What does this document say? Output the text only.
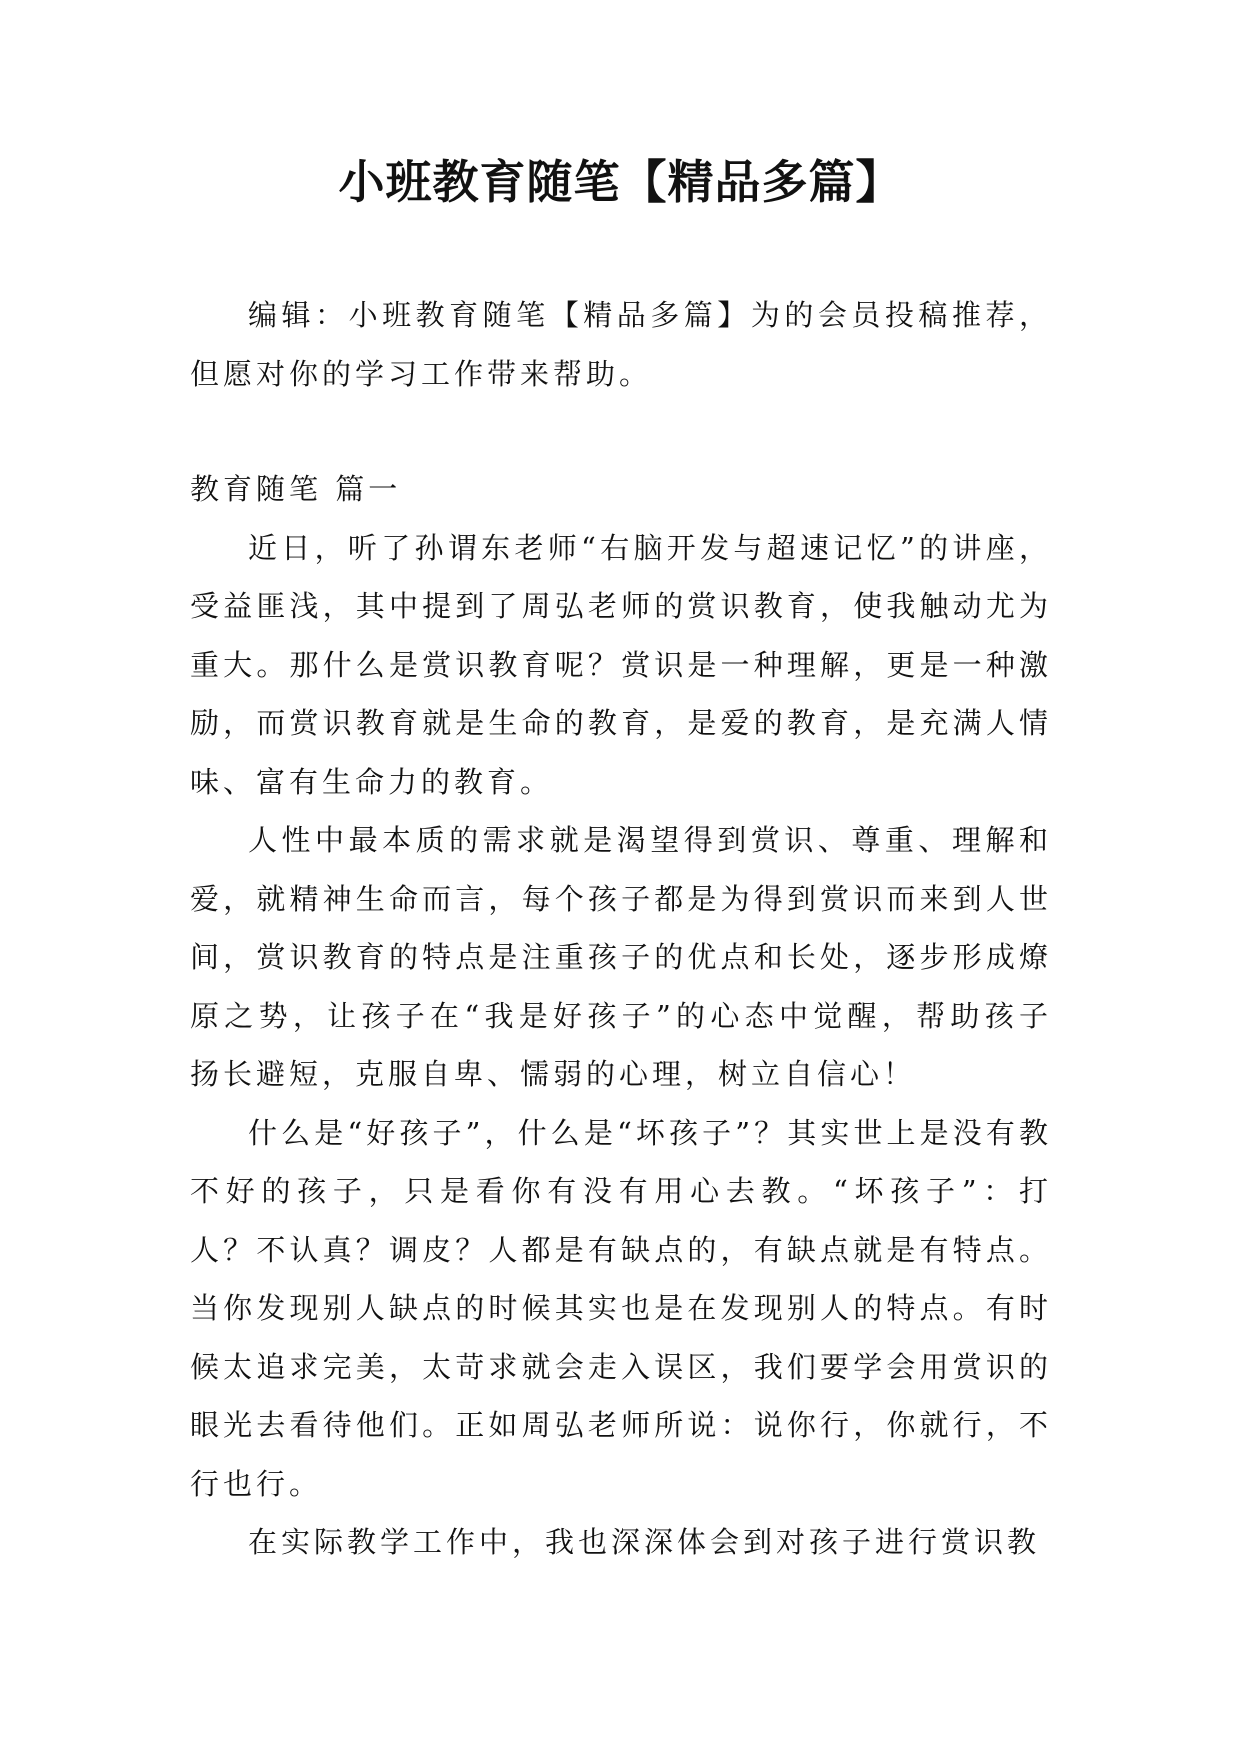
小班教育随笔【精品多篇】

编辑：小班教育随笔【精品多篇】为的会员投稿推荐，但愿对你的学习工作带来帮助。

教育随笔 篇一

近日，听了孙谓东老师“右脑开发与超速记忆”的讲座，受益匪浅，其中提到了周弘老师的赏识教育，使我触动尤为重大。那什么是赏识教育呢？赏识是一种理解，更是一种激励，而赏识教育就是生命的教育，是爱的教育，是充满人情味、富有生命力的教育。

人性中最本质的需求就是渴望得到赏识、尊重、理解和爱，就精神生命而言，每个孩子都是为得到赏识而来到人世间，赏识教育的特点是注重孩子的优点和长处，逐步形成燎原之势，让孩子在“我是好孩子”的心态中觉醒，帮助孩子扬长避短，克服自卑、懦弱的心理，树立自信心！

什么是“好孩子”，什么是“坏孩子”？其实世上是没有教不好的孩子，只是看你有没有用心去教。“坏孩子”：打人？不认真？调皮？人都是有缺点的，有缺点就是有特点。当你发现别人缺点的时候其实也是在发现别人的特点。有时候太追求完美，太苛求就会走入误区，我们要学会用赏识的眼光去看待他们。正如周弘老师所说：说你行，你就行，不行也行。

在实际教学工作中，我也深深体会到对孩子进行赏识教
